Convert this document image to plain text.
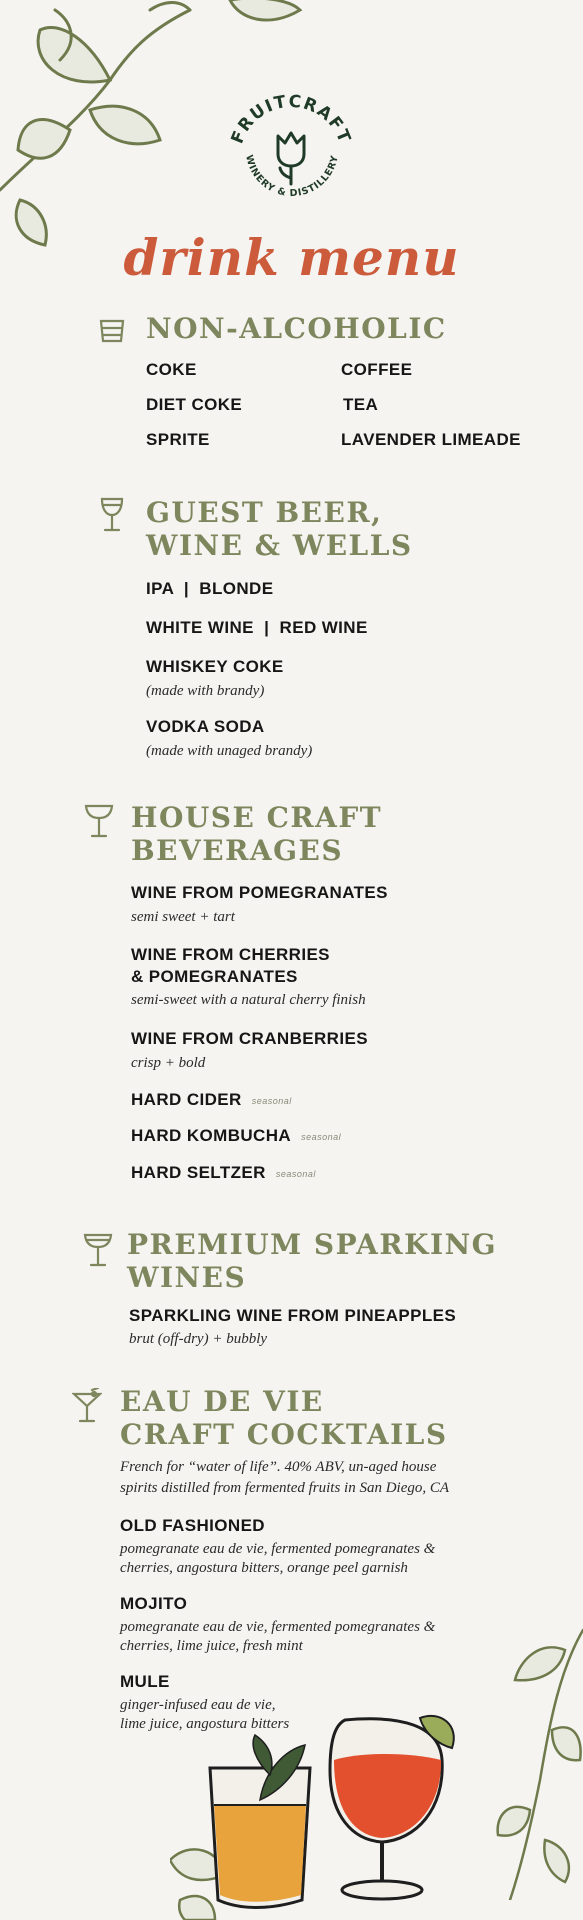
FRUITCRAFT
WINERY & DISTILLERY
drink menu
NON-ALCOHOLIC
COKE
DIET COKE
SPRITE
COFFEE
TEA
LAVENDER LIMEADE
GUEST BEER,
WINE & WELLS
IPA  |  BLONDE
WHITE WINE  |  RED WINE
WHISKEY COKE
(made with brandy)
VODKA SODA
(made with unaged brandy)
HOUSE CRAFT
BEVERAGES
WINE FROM POMEGRANATES
semi sweet + tart
WINE FROM CHERRIES
& POMEGRANATES
semi-sweet with a natural cherry finish
WINE FROM CRANBERRIES
crisp + bold
HARD CIDER seasonal
HARD KOMBUCHA seasonal
HARD SELTZER seasonal
PREMIUM SPARKING
WINES
SPARKLING WINE FROM PINEAPPLES
brut (off-dry) + bubbly
EAU DE VIE
CRAFT COCKTAILS
French for “water of life”. 40% ABV, un-aged house
spirits distilled from fermented fruits in San Diego, CA
OLD FASHIONED
pomegranate eau de vie, fermented pomegranates &
cherries, angostura bitters, orange peel garnish
MOJITO
pomegranate eau de vie, fermented pomegranates &
cherries, lime juice, fresh mint
MULE
ginger-infused eau de vie,
lime juice, angostura bitters
